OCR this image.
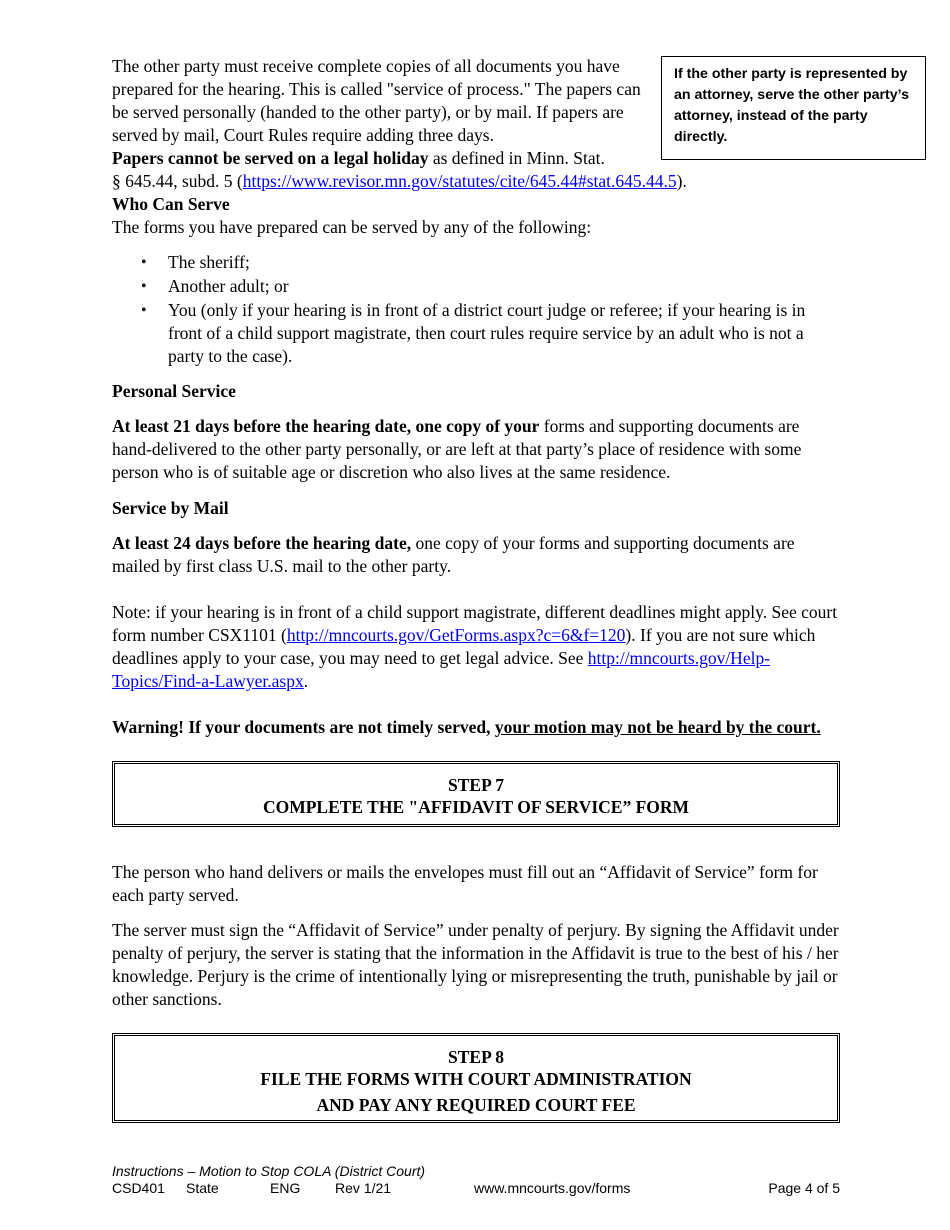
If the other party is represented by an attorney, serve the other party’s attorney, instead of the party directly.

The other party must receive complete copies of all documents you have prepared for the hearing. This is called "service of process." The papers can be served personally (handed to the other party), or by mail. If papers are served by mail, Court Rules require adding three days.

Papers cannot be served on a legal holiday as defined in Minn. Stat.

§ 645.44, subd. 5 (https://www.revisor.mn.gov/statutes/cite/645.44#stat.645.44.5).

Who Can Serve

The forms you have prepared can be served by any of the following:

• The sheriff;
• Another adult; or
• You (only if your hearing is in front of a district court judge or referee; if your hearing is in front of a child support magistrate, then court rules require service by an adult who is not a party to the case).

Personal Service

At least 21 days before the hearing date, one copy of your forms and supporting documents are hand-delivered to the other party personally, or are left at that party’s place of residence with some person who is of suitable age or discretion who also lives at the same residence.

Service by Mail

At least 24 days before the hearing date, one copy of your forms and supporting documents are mailed by first class U.S. mail to the other party.

Note: if your hearing is in front of a child support magistrate, different deadlines might apply. See court form number CSX1101 (http://mncourts.gov/GetForms.aspx?c=6&f=120). If you are not sure which deadlines apply to your case, you may need to get legal advice. See http://mncourts.gov/Help-Topics/Find-a-Lawyer.aspx.

Warning! If your documents are not timely served, your motion may not be heard by the court.

STEP 7
COMPLETE THE "AFFIDAVIT OF SERVICE” FORM

The person who hand delivers or mails the envelopes must fill out an “Affidavit of Service” form for each party served.

The server must sign the “Affidavit of Service” under penalty of perjury. By signing the Affidavit under penalty of perjury, the server is stating that the information in the Affidavit is true to the best of his / her knowledge. Perjury is the crime of intentionally lying or misrepresenting the truth, punishable by jail or other sanctions.

STEP 8
FILE THE FORMS WITH COURT ADMINISTRATION
AND PAY ANY REQUIRED COURT FEE
Instructions – Motion to Stop COLA (District Court)
CSD401 State	ENG Rev 1/21	www.mncourts.gov/forms	Page 4 of 5
